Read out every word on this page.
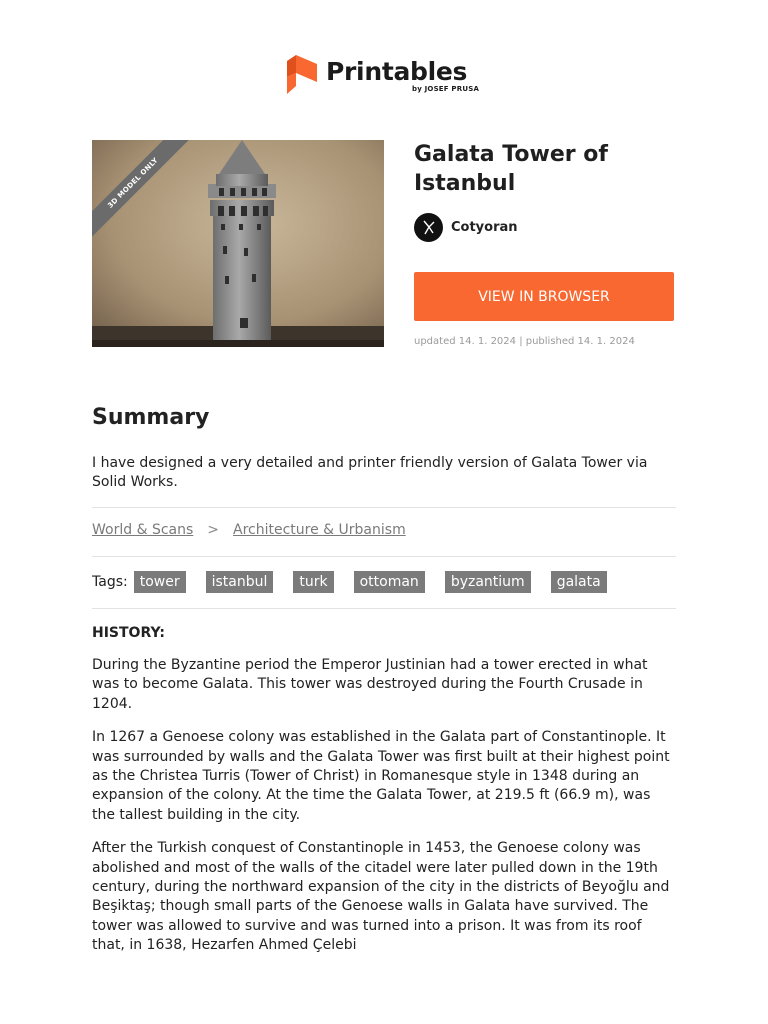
Printables
by JOSEF PRUSA
3D MODEL ONLY
Galata Tower of Istanbul
Cotyoran
VIEW IN BROWSER
updated 14. 1. 2024 | published 14. 1. 2024
Summary

I have designed a very detailed and printer friendly version of Galata Tower via Solid Works.

World & Scans > Architecture & Urbanism
Tags: tower	istanbul	turk	ottoman	byzantium	galata
HISTORY:

During the Byzantine period the Emperor Justinian had a tower erected in what was to become Galata. This tower was destroyed during the Fourth Crusade in 1204.

In 1267 a Genoese colony was established in the Galata part of Constantinople. It was surrounded by walls and the Galata Tower was first built at their highest point as the Christea Turris (Tower of Christ) in Romanesque style in 1348 during an expansion of the colony. At the time the Galata Tower, at 219.5 ft (66.9 m), was the tallest building in the city.

After the Turkish conquest of Constantinople in 1453, the Genoese colony was abolished and most of the walls of the citadel were later pulled down in the 19th century, during the northward expansion of the city in the districts of Beyoğlu and Beşiktaş; though small parts of the Genoese walls in Galata have survived. The tower was allowed to survive and was turned into a prison. It was from its roof that, in 1638, Hezarfen Ahmed Çelebi
